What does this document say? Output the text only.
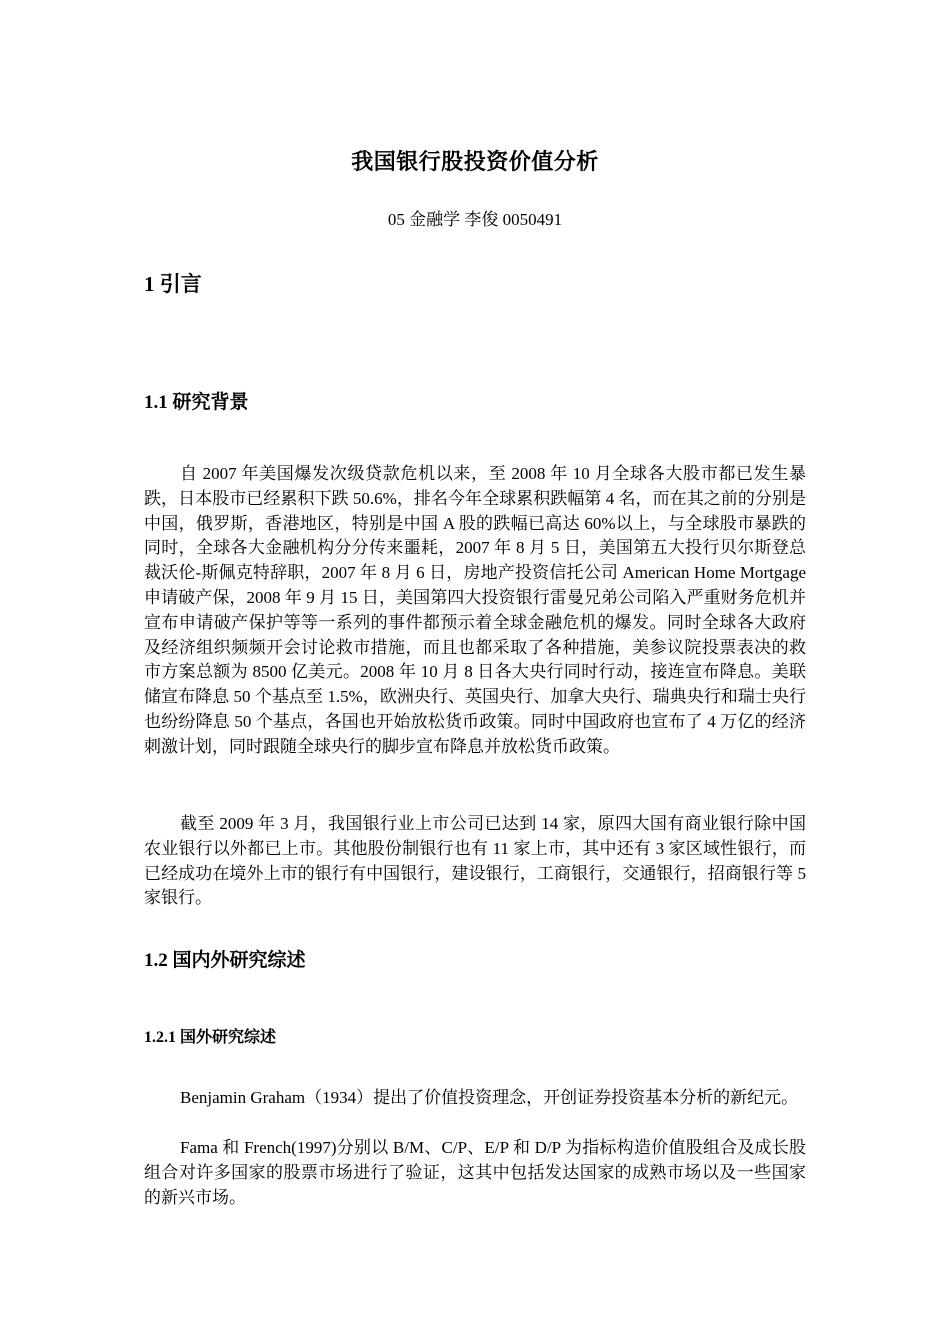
我国银行股投资价值分析
05 金融学 李俊 0050491
1 引言
1.1 研究背景

自 2007 年美国爆发次级贷款危机以来，至 2008 年 10 月全球各大股市都已发生暴跌，日本股市已经累积下跌 50.6%，排名今年全球累积跌幅第 4 名，而在其之前的分别是中国，俄罗斯，香港地区，特别是中国 A 股的跌幅已高达 60%以上，与全球股市暴跌的同时，全球各大金融机构分分传来噩耗，2007 年 8 月 5 日，美国第五大投行贝尔斯登总裁沃伦-斯佩克特辞职，2007 年 8 月 6 日，房地产投资信托公司 American Home Mortgage 申请破产保，2008 年 9 月 15 日，美国第四大投资银行雷曼兄弟公司陷入严重财务危机并宣布申请破产保护等等一系列的事件都预示着全球金融危机的爆发。同时全球各大政府及经济组织频频开会讨论救市措施，而且也都采取了各种措施，美参议院投票表决的救市方案总额为 8500 亿美元。2008 年 10 月 8 日各大央行同时行动，接连宣布降息。美联储宣布降息 50 个基点至 1.5%，欧洲央行、英国央行、加拿大央行、瑞典央行和瑞士央行也纷纷降息 50 个基点，各国也开始放松货币政策。同时中国政府也宣布了 4 万亿的经济刺激计划，同时跟随全球央行的脚步宣布降息并放松货币政策。

截至 2009 年 3 月，我国银行业上市公司已达到 14 家，原四大国有商业银行除中国农业银行以外都已上市。其他股份制银行也有 11 家上市，其中还有 3 家区域性银行，而已经成功在境外上市的银行有中国银行，建设银行，工商银行，交通银行，招商银行等 5 家银行。

1.2 国内外研究综述
1.2.1 国外研究综述

Benjamin Graham（1934）提出了价值投资理念，开创证券投资基本分析的新纪元。

Fama 和 French(1997)分别以 B/M、C/P、E/P 和 D/P 为指标构造价值股组合及成长股组合对许多国家的股票市场进行了验证，这其中包括发达国家的成熟市场以及一些国家的新兴市场。
